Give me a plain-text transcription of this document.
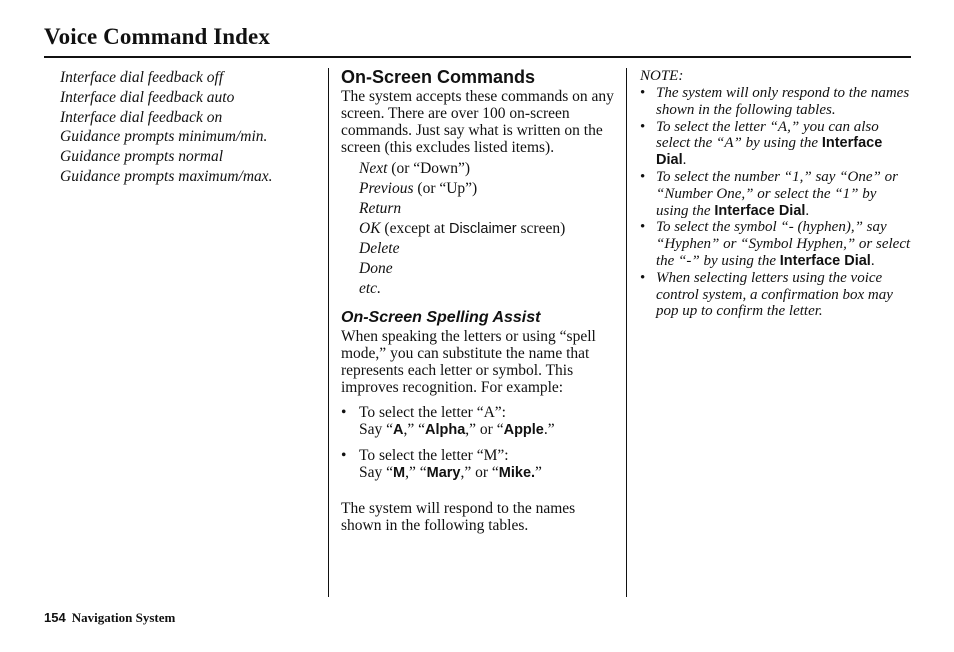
Voice Command Index
Interface dial feedback off
Interface dial feedback auto
Interface dial feedback on
Guidance prompts minimum/min.
Guidance prompts normal
Guidance prompts maximum/max.
On-Screen Commands
The system accepts these commands on any screen. There are over 100 on-screen commands. Just say what is written on the screen (this excludes listed items).
Next (or “Down”)
Previous (or “Up”)
Return
OK (except at Disclaimer screen)
Delete
Done
etc.
On-Screen Spelling Assist
When speaking the letters or using “spell mode,” you can substitute the name that represents each letter or symbol. This improves recognition. For example:
• To select the letter “A”:
Say “A,” “Alpha,” or “Apple.”
• To select the letter “M”:
Say “M,” “Mary,” or “Mike.”
The system will respond to the names shown in the following tables.
NOTE:
• The system will only respond to the names shown in the following tables.
• To select the letter “A,” you can also select the “A” by using the Interface Dial.
• To select the number “1,” say “One” or “Number One,” or select the “1” by using the Interface Dial.
• To select the symbol “- (hyphen),” say “Hyphen” or “Symbol Hyphen,” or select the “-” by using the Interface Dial.
• When selecting letters using the voice control system, a confirmation box may pop up to confirm the letter.
154 Navigation System
